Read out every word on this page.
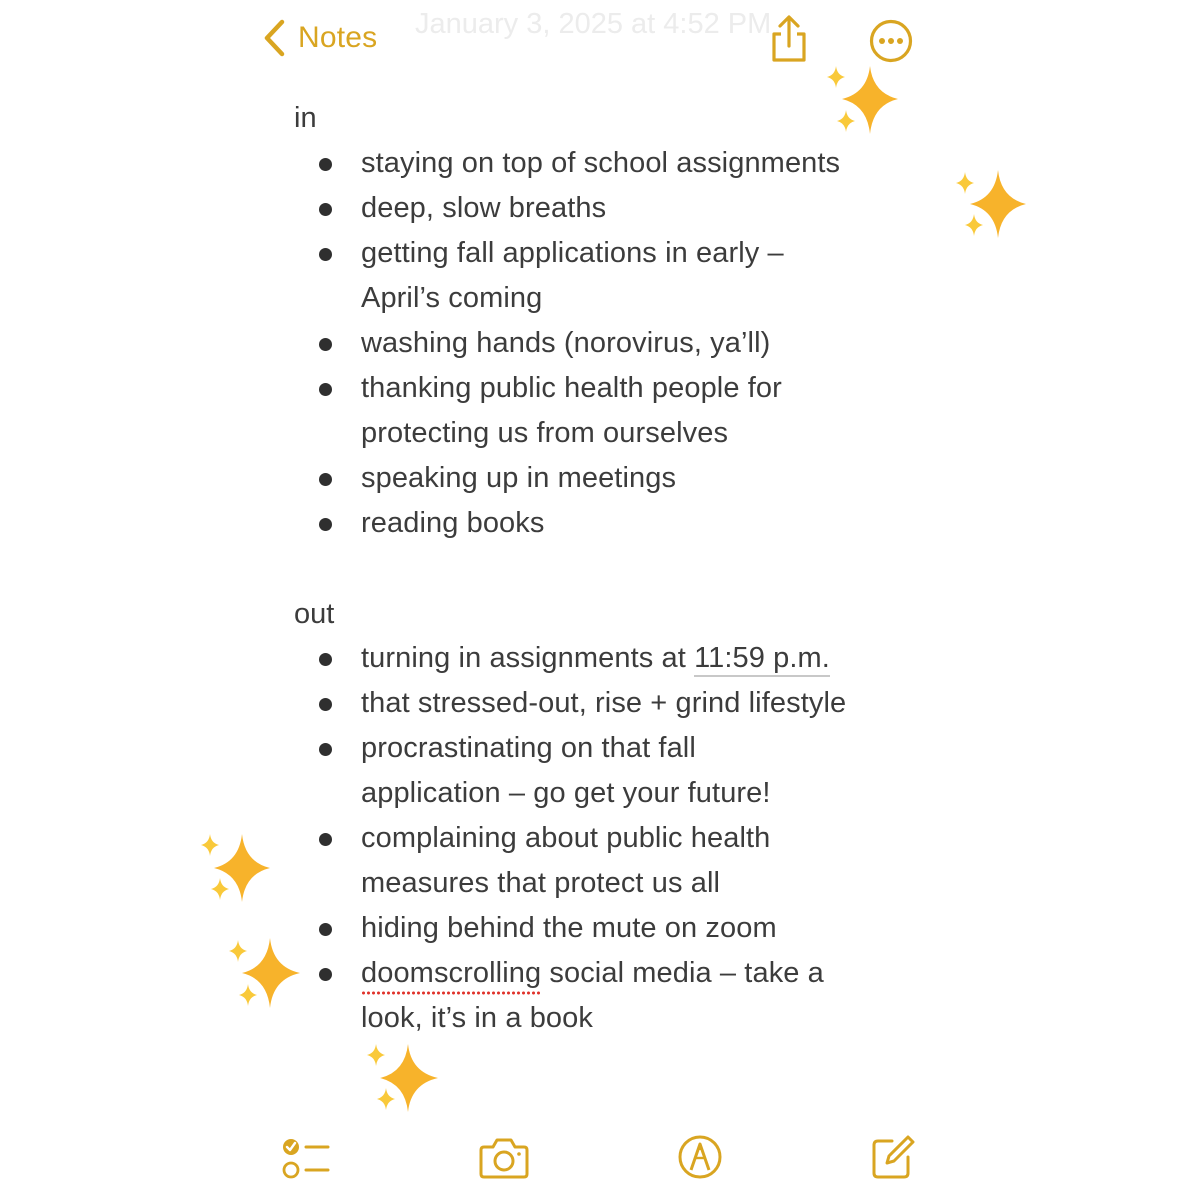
Notes January 3, 2025 at 4:52 PM
in
staying on top of school assignments
deep, slow breaths
getting fall applications in early –
April’s coming
washing hands (norovirus, ya’ll)
thanking public health people for
protecting us from ourselves
speaking up in meetings
reading books
out
turning in assignments at 11:59 p.m.
that stressed-out, rise + grind lifestyle
procrastinating on that fall
application – go get your future!
complaining about public health
measures that protect us all
hiding behind the mute on zoom
doomscrolling social media – take a
look, it’s in a book
